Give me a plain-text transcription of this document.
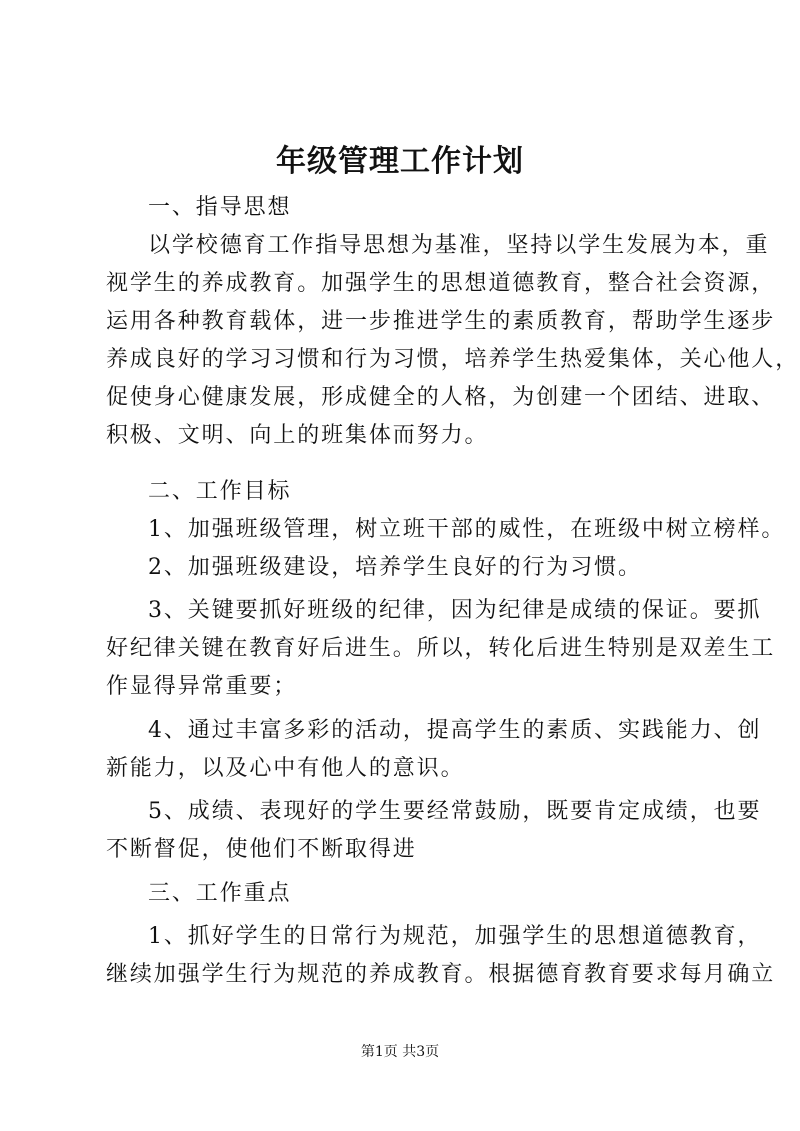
年级管理工作计划
一、指导思想
以学校德育工作指导思想为基准，坚持以学生发展为本，重
视学生的养成教育。加强学生的思想道德教育，整合社会资源，
运用各种教育载体，进一步推进学生的素质教育，帮助学生逐步
养成良好的学习习惯和行为习惯，培养学生热爱集体，关心他人，
促使身心健康发展，形成健全的人格，为创建一个团结、进取、
积极、文明、向上的班集体而努力。
二、工作目标
1、加强班级管理，树立班干部的威性，在班级中树立榜样。
2、加强班级建设，培养学生良好的行为习惯。
3、关键要抓好班级的纪律，因为纪律是成绩的保证。要抓
好纪律关键在教育好后进生。所以，转化后进生特别是双差生工
作显得异常重要；
4、通过丰富多彩的活动，提高学生的素质、实践能力、创
新能力，以及心中有他人的意识。
5、成绩、表现好的学生要经常鼓励，既要肯定成绩，也要
不断督促，使他们不断取得进
三、工作重点
1、抓好学生的日常行为规范，加强学生的思想道德教育，
继续加强学生行为规范的养成教育。根据德育教育要求每月确立
第1页 共3页
